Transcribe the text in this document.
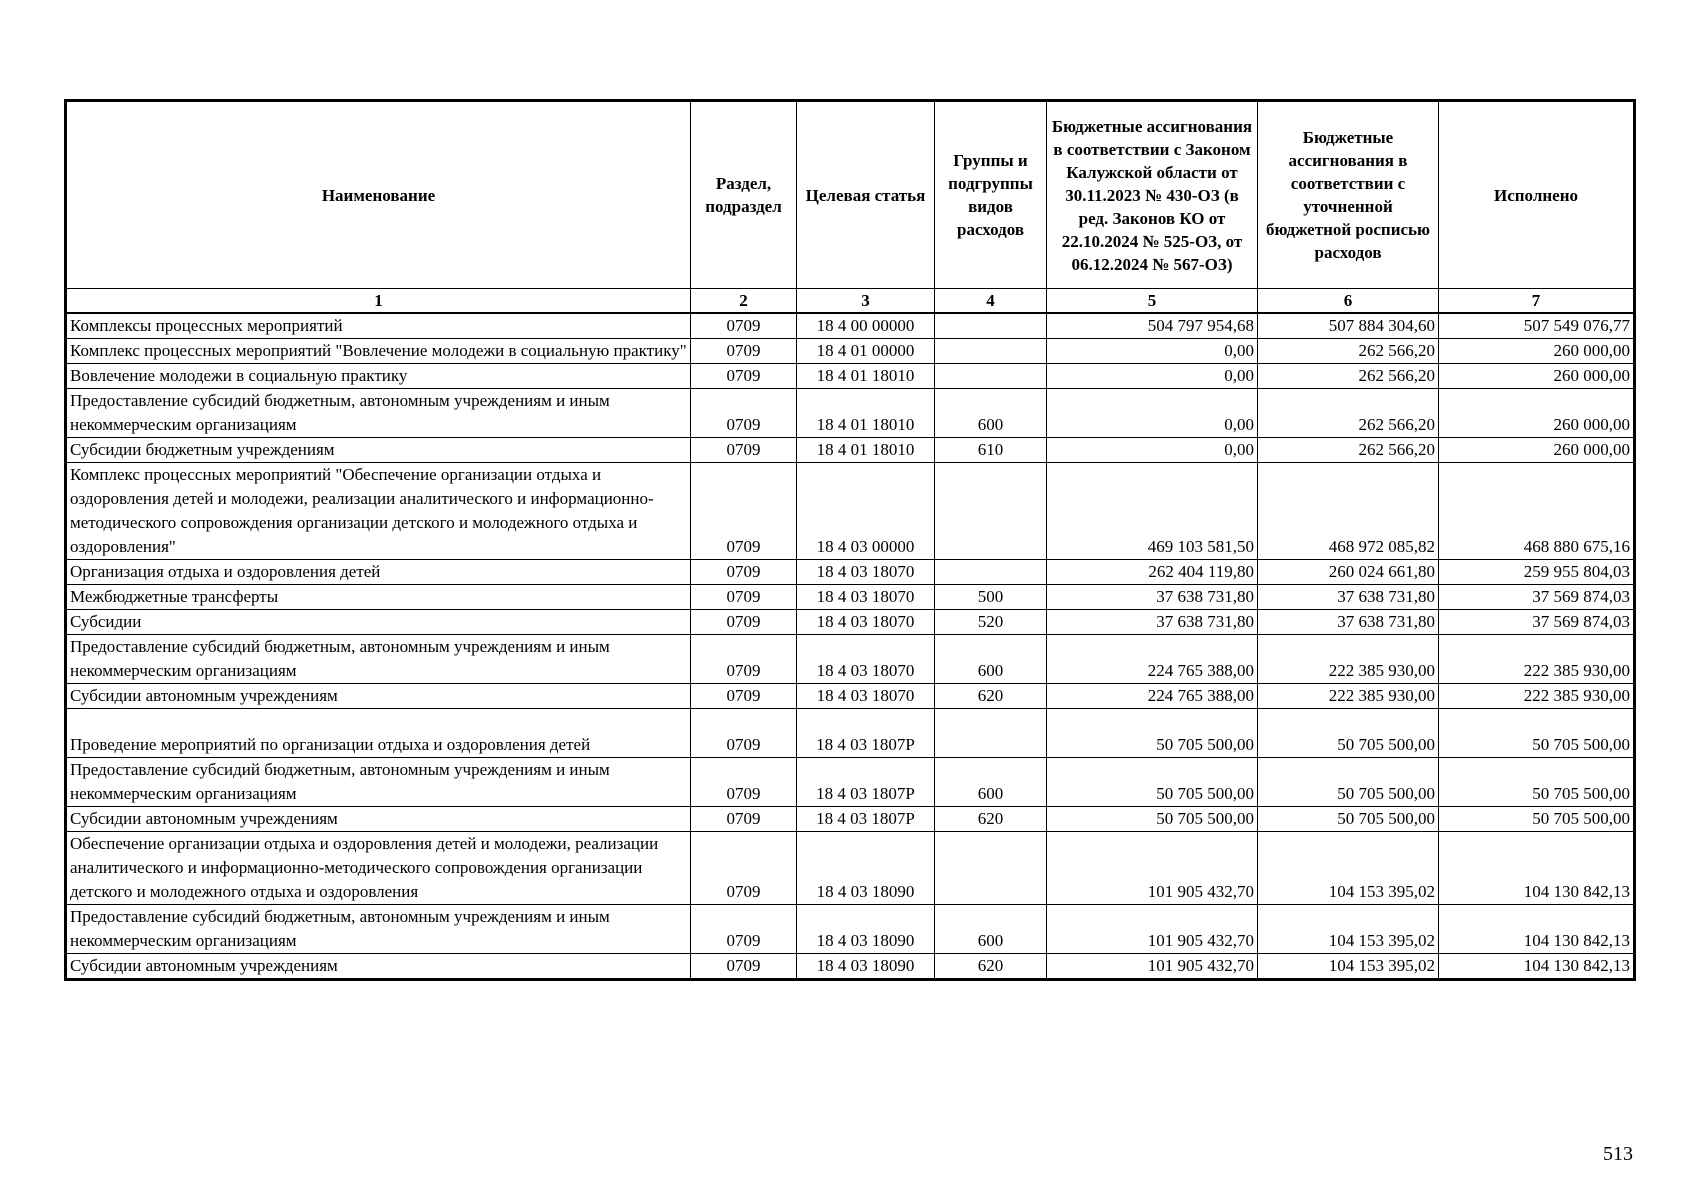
Наименование	Раздел, подраздел	Целевая статья	Группы и подгруппы видов расходов	Бюджетные ассигнования в соответствии с Законом Калужской области от 30.11.2023 № 430-ОЗ (в ред. Законов КО от 22.10.2024 № 525-ОЗ, от 06.12.2024 № 567-ОЗ)	Бюджетные ассигнования в соответствии с уточненной бюджетной росписью расходов	Исполнено
1	2	3	4	5	6	7
Комплексы процессных мероприятий	0709	18 4 00 00000		504 797 954,68	507 884 304,60	507 549 076,77
Комплекс процессных мероприятий "Вовлечение молодежи в социальную практику"	0709	18 4 01 00000		0,00	262 566,20	260 000,00
Вовлечение молодежи в социальную практику	0709	18 4 01 18010		0,00	262 566,20	260 000,00
Предоставление субсидий бюджетным, автономным учреждениям и иным некоммерческим организациям	0709	18 4 01 18010	600	0,00	262 566,20	260 000,00
Субсидии бюджетным учреждениям	0709	18 4 01 18010	610	0,00	262 566,20	260 000,00
Комплекс процессных мероприятий "Обеспечение организации отдыха и оздоровления детей и молодежи, реализации аналитического и информационно-методического сопровождения организации детского и молодежного отдыха и оздоровления"	0709	18 4 03 00000		469 103 581,50	468 972 085,82	468 880 675,16
Организация отдыха и оздоровления детей	0709	18 4 03 18070		262 404 119,80	260 024 661,80	259 955 804,03
Межбюджетные трансферты	0709	18 4 03 18070	500	37 638 731,80	37 638 731,80	37 569 874,03
Субсидии	0709	18 4 03 18070	520	37 638 731,80	37 638 731,80	37 569 874,03
Предоставление субсидий бюджетным, автономным учреждениям и иным некоммерческим организациям	0709	18 4 03 18070	600	224 765 388,00	222 385 930,00	222 385 930,00
Субсидии автономным учреждениям	0709	18 4 03 18070	620	224 765 388,00	222 385 930,00	222 385 930,00
Проведение мероприятий по организации отдыха и оздоровления детей	0709	18 4 03 1807Р		50 705 500,00	50 705 500,00	50 705 500,00
Предоставление субсидий бюджетным, автономным учреждениям и иным некоммерческим организациям	0709	18 4 03 1807Р	600	50 705 500,00	50 705 500,00	50 705 500,00
Субсидии автономным учреждениям	0709	18 4 03 1807Р	620	50 705 500,00	50 705 500,00	50 705 500,00
Обеспечение организации отдыха и оздоровления детей и молодежи, реализации аналитического и информационно-методического сопровождения организации детского и молодежного отдыха и оздоровления	0709	18 4 03 18090		101 905 432,70	104 153 395,02	104 130 842,13
Предоставление субсидий бюджетным, автономным учреждениям и иным некоммерческим организациям	0709	18 4 03 18090	600	101 905 432,70	104 153 395,02	104 130 842,13
Субсидии автономным учреждениям	0709	18 4 03 18090	620	101 905 432,70	104 153 395,02	104 130 842,13
513
